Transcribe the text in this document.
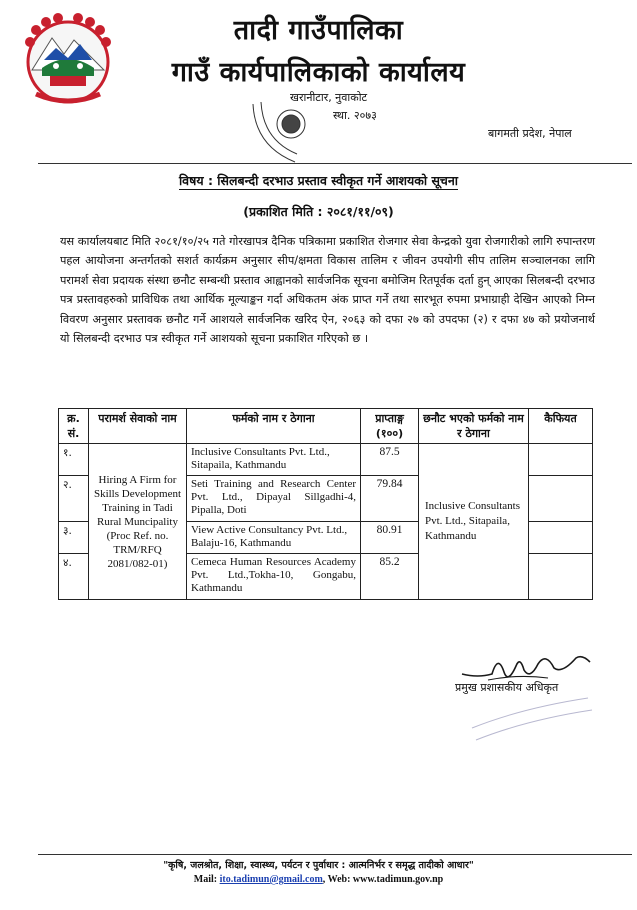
तादी गाउँपालिका
गाउँ कार्यपालिकाको कार्यालय
खरानीटार, नुवाकोट
स्था. २०७३
बागमती प्रदेश, नेपाल
विषय : सिलबन्दी दरभाउ प्रस्ताव स्वीकृत गर्ने आशयको सूचना
(प्रकाशित मिति : २०८१/११/०९)
यस कार्यालयबाट मिति २०८१/१०/२५ गते गोरखापत्र दैनिक पत्रिकामा प्रकाशित रोजगार सेवा केन्द्रको युवा रोजगारीको लागि रुपान्तरण पहल आयोजना अन्तर्गतको सशर्त कार्यक्रम अनुसार सीप/क्षमता विकास तालिम र जीवन उपयोगी सीप तालिम सञ्चालनका लागि परामर्श सेवा प्रदायक संस्था छनौट सम्बन्धी प्रस्ताव आह्वानको सार्वजनिक सूचना बमोजिम रितपूर्वक दर्ता हुन् आएका सिलबन्दी दरभाउ पत्र प्रस्तावहरुको प्राविधिक तथा आर्थिक मूल्याङ्कन गर्दा अधिकतम अंक प्राप्त गर्ने तथा सारभूत रुपमा प्रभाग्राही देखिन आएको निम्न विवरण अनुसार प्रस्तावक छनौट गर्ने आशयले सार्वजनिक खरिद ऐन, २०६३ को दफा २७ को उपदफा (२) र दफा ४७ को प्रयोजनार्थ यो सिलबन्दी दरभाउ पत्र स्वीकृत गर्ने आशयको सूचना प्रकाशित गरिएको छ ।
क्र. सं.	परामर्श सेवाको नाम	फर्मको नाम र ठेगाना	प्राप्ताङ्ग (१००)	छनौट भएको फर्मको नाम र ठेगाना	कैफियत
१.	Hiring A Firm for Skills Development Training in Tadi Rural Muncipality (Proc Ref. no. TRM/RFQ 2081/082-01)	Inclusive Consultants Pvt. Ltd., Sitapaila, Kathmandu	87.5	Inclusive Consultants Pvt. Ltd., Sitapaila, Kathmandu	
२.		Seti Training and Research Center Pvt. Ltd., Dipayal Sillgadhi-4, Pipalla, Doti	79.84		
३.		View Active Consultancy Pvt. Ltd., Balaju-16, Kathmandu	80.91		
४.		Cemeca Human Resources Academy Pvt. Ltd.,Tokha-10, Gongabu, Kathmandu	85.2		
प्रमुख प्रशासकीय अधिकृत
"कृषि, जलश्रोत, शिक्षा, स्वास्थ्य, पर्यटन र पुर्वाधार : आत्मनिर्भर र समृद्ध तादीको आधार"
Mail: ito.tadimun@gmail.com, Web: www.tadimun.gov.np
